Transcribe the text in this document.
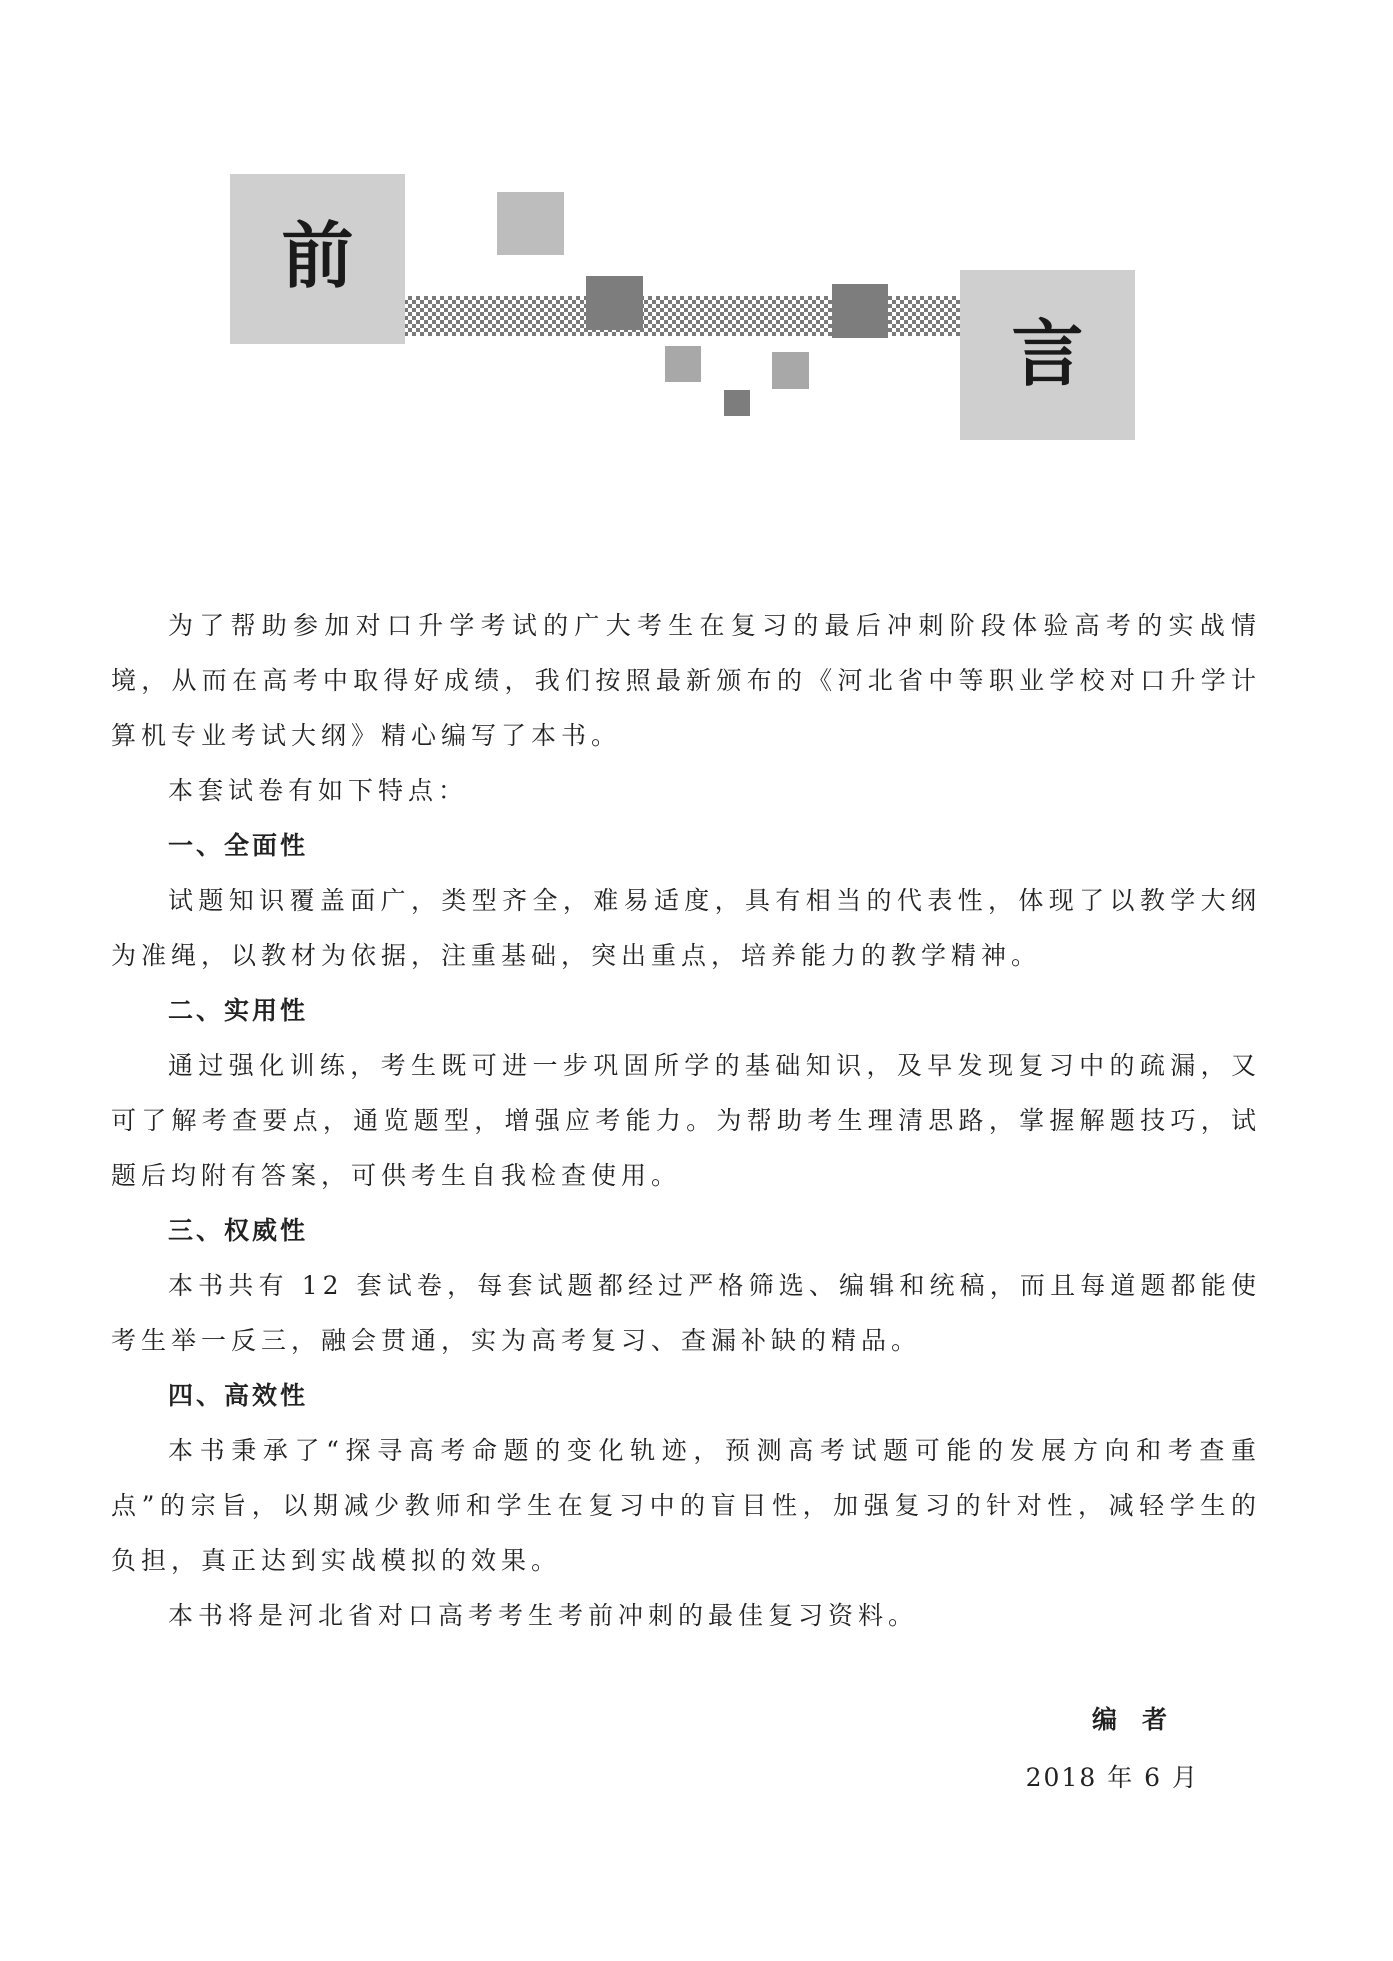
前
言

为了帮助参加对口升学考试的广大考生在复习的最后冲刺阶段体验高考的实战情境，从而在高考中取得好成绩，我们按照最新颁布的《河北省中等职业学校对口升学计算机专业考试大纲》精心编写了本书。

本套试卷有如下特点：

一、全面性

试题知识覆盖面广，类型齐全，难易适度，具有相当的代表性，体现了以教学大纲为准绳，以教材为依据，注重基础，突出重点，培养能力的教学精神。

二、实用性

通过强化训练，考生既可进一步巩固所学的基础知识，及早发现复习中的疏漏，又可了解考查要点，通览题型，增强应考能力。为帮助考生理清思路，掌握解题技巧，试题后均附有答案，可供考生自我检查使用。

三、权威性

本书共有 12 套试卷，每套试题都经过严格筛选、编辑和统稿，而且每道题都能使考生举一反三，融会贯通，实为高考复习、查漏补缺的精品。

四、高效性

本书秉承了“探寻高考命题的变化轨迹，预测高考试题可能的发展方向和考查重点”的宗旨，以期减少教师和学生在复习中的盲目性，加强复习的针对性，减轻学生的负担，真正达到实战模拟的效果。

本书将是河北省对口高考考生考前冲刺的最佳复习资料。

编　者
2018 年 6 月
